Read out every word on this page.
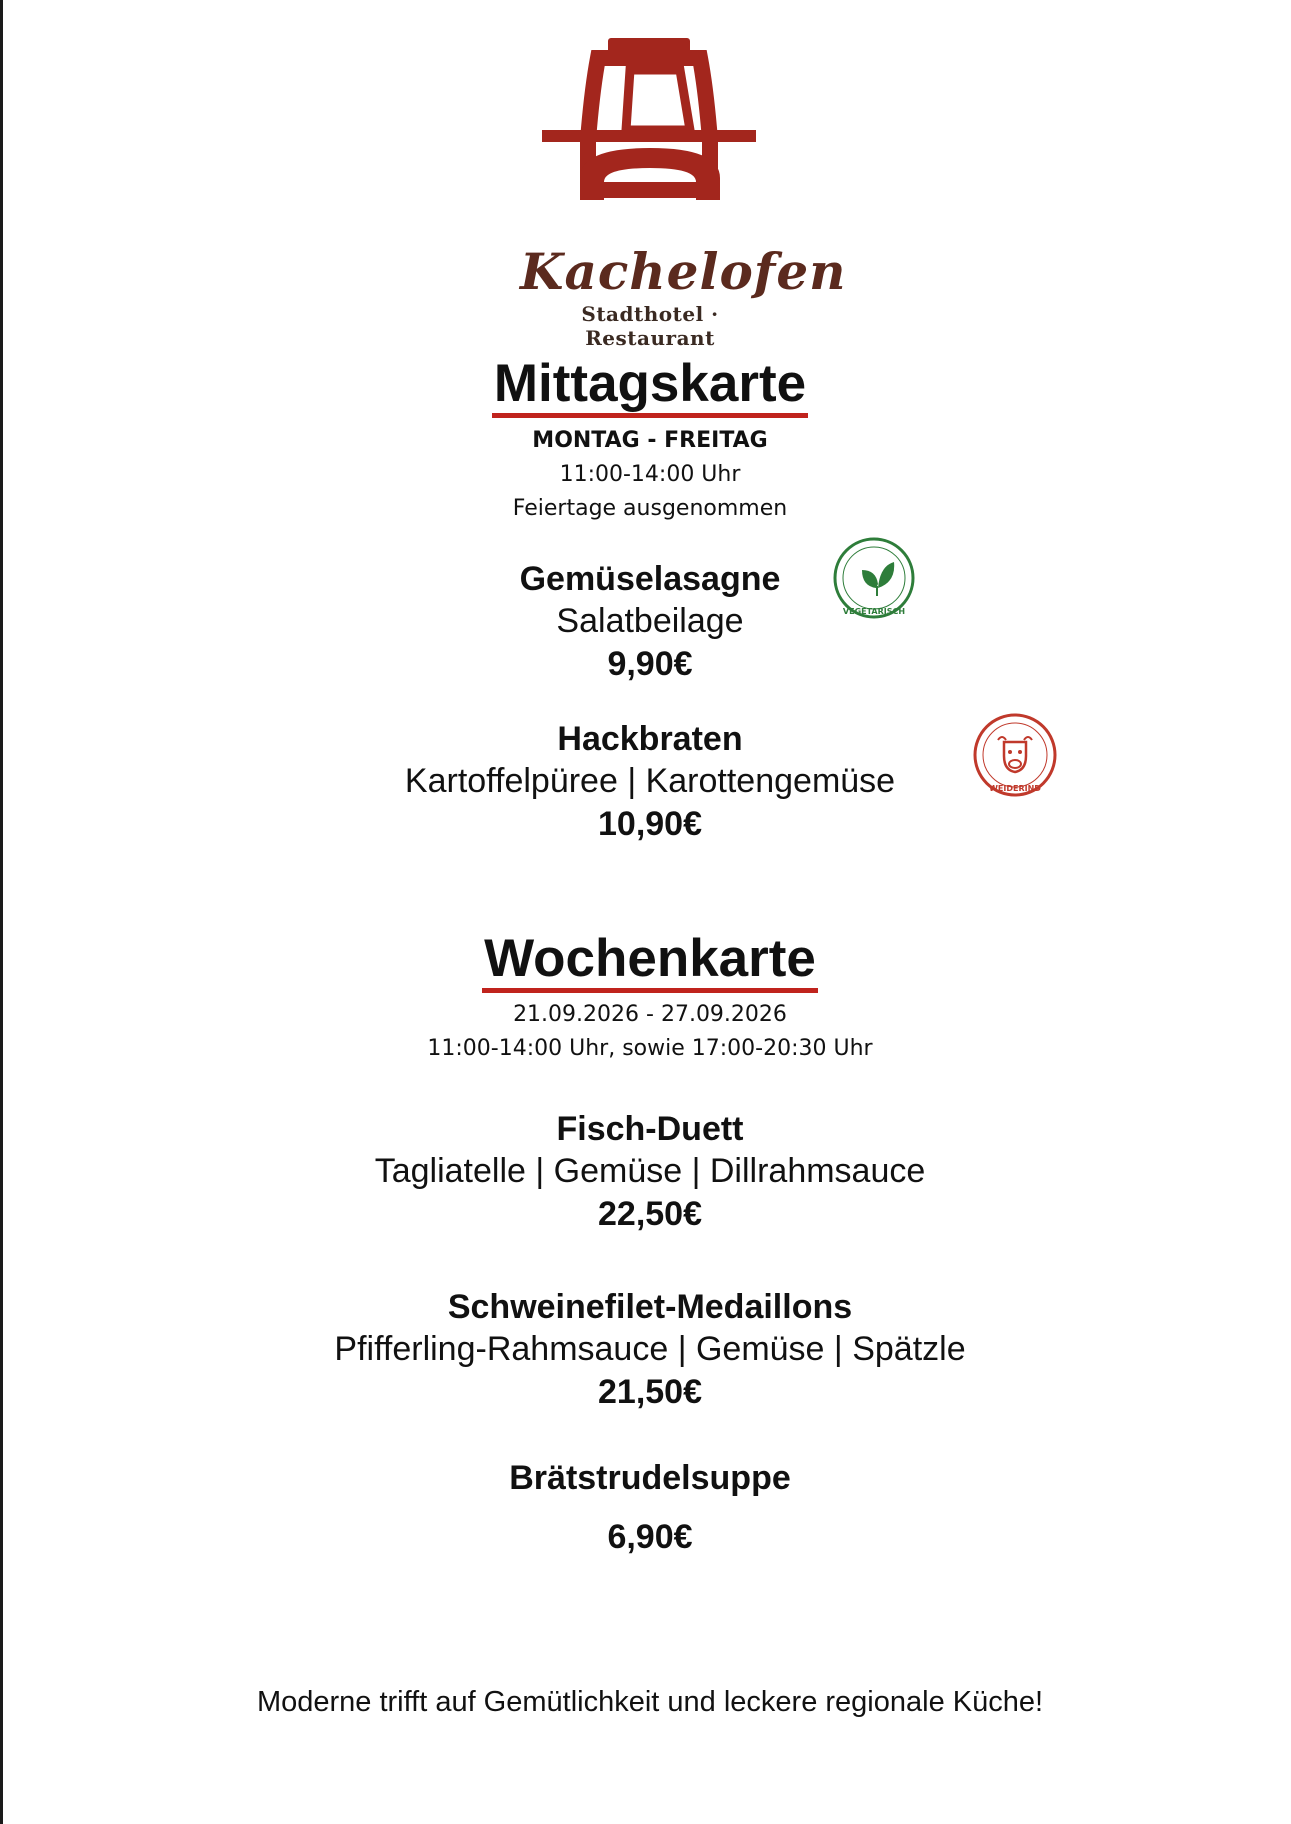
Kachelofen
Stadthotel · Restaurant
Mittagskarte
MONTAG - FREITAG
11:00-14:00 Uhr
Feiertage ausgenommen
Gemüselasagne
Salatbeilage
9,90€
VEGETARISCH
Hackbraten
Kartoffelpüree | Karottengemüse
10,90€
WEIDERIND
Wochenkarte
21.09.2026 - 27.09.2026
11:00-14:00 Uhr, sowie 17:00-20:30 Uhr
Fisch-Duett
Tagliatelle | Gemüse | Dillrahmsauce
22,50€
Schweinefilet-Medaillons
Pfifferling-Rahmsauce | Gemüse | Spätzle
21,50€
Brätstrudelsuppe
6,90€
Moderne trifft auf Gemütlichkeit und leckere regionale Küche!
